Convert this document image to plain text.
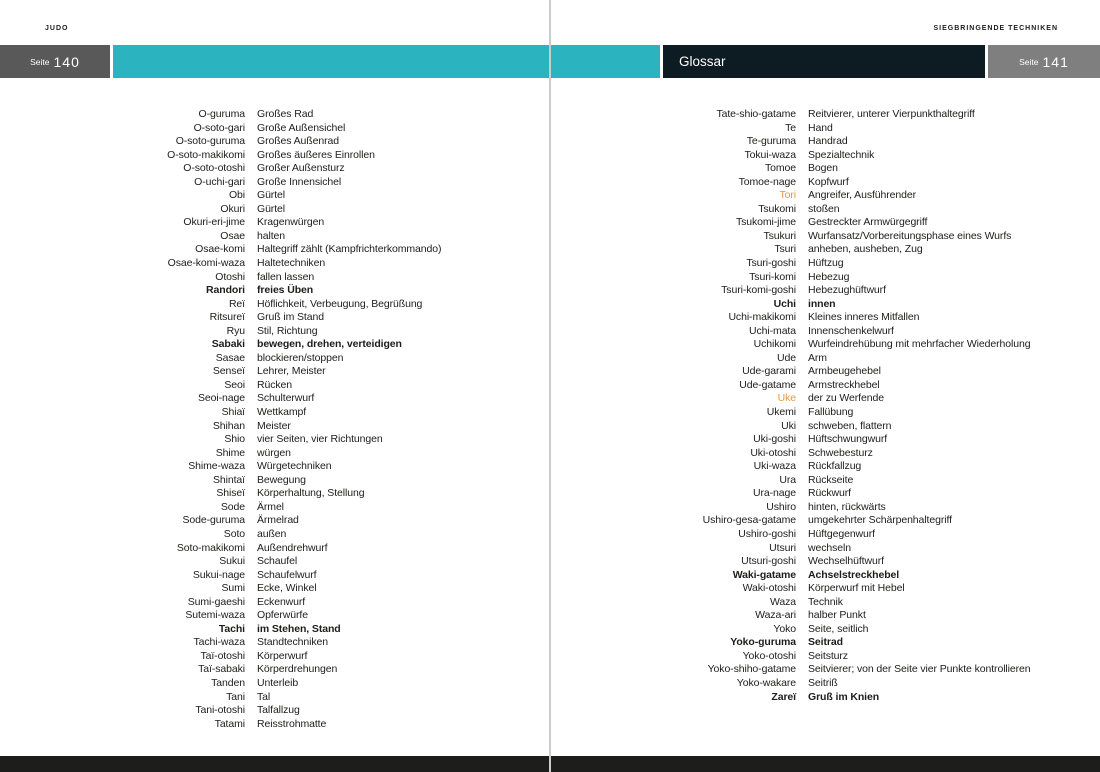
JUDO	SIEGBRINGENDE TECHNIKEN
Seite 140	Glossar	Seite 141
O-guruma Großes Rad
O-soto-gari Große Außensichel
O-soto-guruma Großes Außenrad
O-soto-makikomi Großes äußeres Einrollen
O-soto-otoshi Großer Außensturz
O-uchi-gari Große Innensichel
Obi Gürtel
Okuri Gürtel
Okuri-eri-jime Kragenwürgen
Osae halten
Osae-komi Haltegriff zählt (Kampfrichterkommando)
Osae-komi-waza Haltetechniken
Otoshi fallen lassen
Randori freies Üben
Reï Höflichkeit, Verbeugung, Begrüßung
Ritsureï Gruß im Stand
Ryu Stil, Richtung
Sabaki bewegen, drehen, verteidigen
Sasae blockieren/stoppen
Senseï Lehrer, Meister
Seoi Rücken
Seoi-nage Schulterwurf
Shiaï Wettkampf
Shihan Meister
Shio vier Seiten, vier Richtungen
Shime würgen
Shime-waza Würgetechniken
Shintaï Bewegung
Shiseï Körperhaltung, Stellung
Sode Ärmel
Sode-guruma Ärmelrad
Soto außen
Soto-makikomi Außendrehwurf
Sukui Schaufel
Sukui-nage Schaufelwurf
Sumi Ecke, Winkel
Sumi-gaeshi Eckenwurf
Sutemi-waza Opferwürfe
Tachi im Stehen, Stand
Tachi-waza Standtechniken
Taï-otoshi Körperwurf
Taï-sabaki Körperdrehungen
Tanden Unterleib
Tani Tal
Tani-otoshi Talfallzug
Tatami Reisstrohmatte
Tate-shio-gatame Reitvierer, unterer Vierpunkthaltegriff
Te Hand
Te-guruma Handrad
Tokui-waza Spezialtechnik
Tomoe Bogen
Tomoe-nage Kopfwurf
Tori Angreifer, Ausführender
Tsukomi stoßen
Tsukomi-jime Gestreckter Armwürgegriff
Tsukuri Wurfansatz/Vorbereitungsphase eines Wurfs
Tsuri anheben, ausheben, Zug
Tsuri-goshi Hüftzug
Tsuri-komi Hebezug
Tsuri-komi-goshi Hebezughüftwurf
Uchi innen
Uchi-makikomi Kleines inneres Mitfallen
Uchi-mata Innenschenkelwurf
Uchikomi Wurfeindrehübung mit mehrfacher Wiederholung
Ude Arm
Ude-garami Armbeugehebel
Ude-gatame Armstreckhebel
Uke der zu Werfende
Ukemi Fallübung
Uki schweben, flattern
Uki-goshi Hüftschwungwurf
Uki-otoshi Schwebesturz
Uki-waza Rückfallzug
Ura Rückseite
Ura-nage Rückwurf
Ushiro hinten, rückwärts
Ushiro-gesa-gatame umgekehrter Schärpenhaltegriff
Ushiro-goshi Hüftgegenwurf
Utsuri wechseln
Utsuri-goshi Wechselhüftwurf
Waki-gatame Achselstreckhebel
Waki-otoshi Körperwurf mit Hebel
Waza Technik
Waza-ari halber Punkt
Yoko Seite, seitlich
Yoko-guruma Seitrad
Yoko-otoshi Seitsturz
Yoko-shiho-gatame Seitvierer; von der Seite vier Punkte kontrollieren
Yoko-wakare Seitriß
Zareï Gruß im Knien
